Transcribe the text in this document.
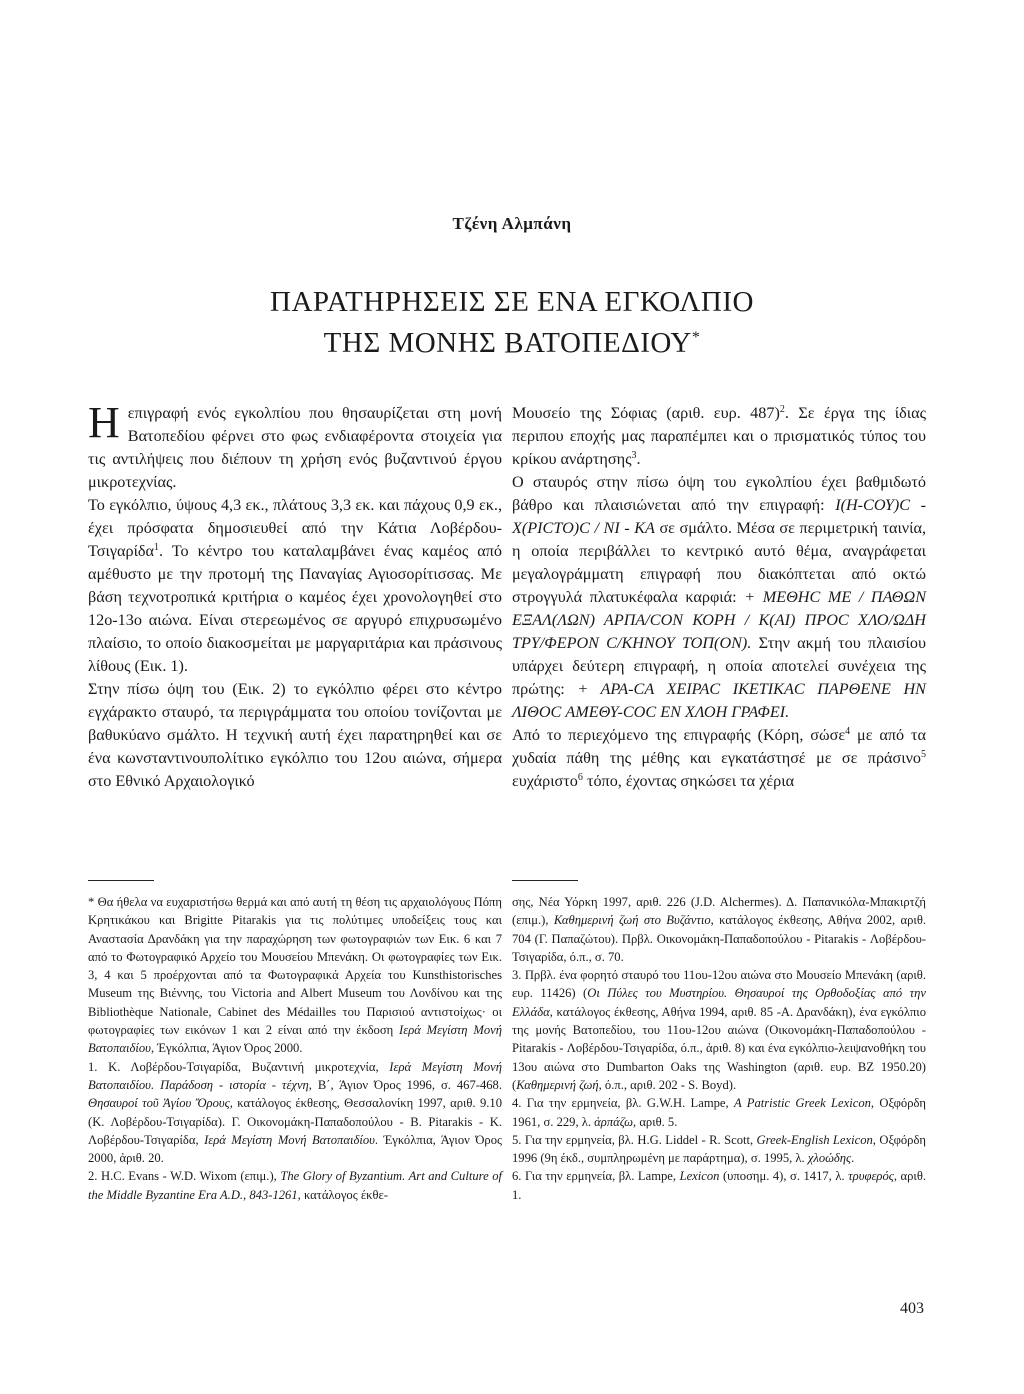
Τζένη Αλμπάνη
ΠΑΡΑΤΗΡΗΣΕΙΣ ΣΕ ΕΝΑ ΕΓΚΟΛΠΙΟ
ΤΗΣ ΜΟΝΗΣ ΒΑΤΟΠΕΔΙΟΥ*

Ηεπιγραφή ενός εγκολπίου που θησαυρίζεται στη μονή Βατοπεδίου φέρνει στο φως ενδιαφέροντα στοιχεία για τις αντιλήψεις που διέπουν τη χρήση ενός βυζαντινού έργου μικροτεχνίας.

Το εγκόλπιο, ύψους 4,3 εκ., πλάτους 3,3 εκ. και πάχους 0,9 εκ., έχει πρόσφατα δημοσιευθεί από την Κάτια Λοβέρδου-Τσιγαρίδα$^1$. Το κέντρο του καταλαμβάνει ένας καμέος από αμέθυστο με την προτομή της Παναγίας Αγιοσορίτισσας. Με βάση τεχνοτροπικά κριτήρια ο καμέος έχει χρονολογηθεί στο 12ο-13ο αιώνα. Είναι στερεωμένος σε αργυρό επιχρυσωμένο πλαίσιο, το οποίο διακοσμείται με μαργαριτάρια και πράσινους λίθους (Εικ. 1).

Στην πίσω όψη του (Εικ. 2) το εγκόλπιο φέρει στο κέντρο εγχάρακτο σταυρό, τα περιγράμματα του οποίου τονίζονται με βαθυκύανο σμάλτο. Η τεχνική αυτή έχει παρατηρηθεί και σε ένα κωνσταντινουπολίτικο εγκόλπιο του 12ου αιώνα, σήμερα στο Εθνικό Αρχαιολογικό

Μουσείο της Σόφιας (αριθ. ευρ. 487)$^2$. Σε έργα της ίδιας περιπου εποχής μας παραπέμπει και ο πρισματικός τύπος του κρίκου ανάρτησης$^3$.

Ο σταυρός στην πίσω όψη του εγκολπίου έχει βαθμιδωτό βάθρο και πλαισιώνεται από την επιγραφή: Ι(Η-CΟΥ)C - Χ(ΡΙCΤΟ)C / ΝΙ - ΚΑ σε σμάλτο. Μέσα σε περιμετρική ταινία, η οποία περιβάλλει το κεντρικό αυτό θέμα, αναγράφεται μεγαλογράμματη επιγραφή που διακόπτεται από οκτώ στρογγυλά πλατυκέφαλα καρφιά: + ΜΕΘΗC ΜΕ / ΠΑΘΩΝ ΕΞΑΛ(ΛΩΝ) ΑΡΠΑ/CΟΝ ΚΟΡΗ / Κ(ΑΙ) ΠΡΟC ΧΛΟ/ΩΔΗ ΤΡΥ/ΦΕΡΟΝ C/ΚΗΝΟΥ ΤΟΠ(ΟΝ). Στην ακμή του πλαισίου υπάρχει δεύτερη επιγραφή, η οποία αποτελεί συνέχεια της πρώτης: + ΑΡΑ-CΑ ΧΕΙΡΑC ΙΚΕΤΙΚΑC ΠΑΡΘΕΝΕ ΗΝ ΛΙΘΟC ΑΜΕΘΥ-COC ΕΝ ΧΛΟΗ ΓΡΑΦΕΙ.

Από το περιεχόμενο της επιγραφής (Κόρη, σώσε$^4$ με από τα χυδαία πάθη της μέθης και εγκατάστησέ με σε πράσινο$^5$ ευχάριστο$^6$ τόπο, έχοντας σηκώσει τα χέρια

* Θα ήθελα να ευχαριστήσω θερμά και από αυτή τη θέση τις αρχαιολόγους Πόπη Κρητικάκου και Brigitte Pitarakis για τις πολύτιμες υποδείξεις τους και Αναστασία Δρανδάκη για την παραχώρηση των φωτογραφιών των Εικ. 6 και 7 από το Φωτογραφικό Αρχείο του Μουσείου Μπενάκη. Οι φωτογραφίες των Εικ. 3, 4 και 5 προέρχονται από τα Φωτογραφικά Αρχεία του Kunsthistorisches Museum της Βιέννης, του Victoria and Albert Museum του Λονδίνου και της Bibliothèque Nationale, Cabinet des Médailles του Παρισιού αντιστοίχως· οι φωτογραφίες των εικόνων 1 και 2 είναι από την έκδοση Ιερά Μεγίστη Μονή Βατοπαιδίου, Έγκόλπια, Άγιον Όρος 2000.

1. Κ. Λοβέρδου-Τσιγαρίδα, Βυζαντινή μικροτεχνία, Ιερά Μεγίστη Μονή Βατοπαιδίου. Παράδοση - ιστορία - τέχνη, Β΄, Άγιον Όρος 1996, σ. 467-468. Θησαυροί τοῦ Ἁγίου Ὄρους, κατάλογος έκθεσης, Θεσσαλονίκη 1997, αριθ. 9.10 (Κ. Λοβέρδου-Τσιγαρίδα). Γ. Οικονομάκη-Παπαδοπούλου - Β. Pitarakis - Κ. Λοβέρδου-Τσιγαρίδα, Ιερά Μεγίστη Μονή Βατοπαιδίου. Έγκόλπια, Άγιον Όρος 2000, ἀριθ. 20.

2. H.C. Evans - W.D. Wixom (επιμ.), The Glory of Byzantium. Art and Culture of the Middle Byzantine Era A.D., 843-1261, κατάλογος έκθε-

σης, Νέα Υόρκη 1997, αριθ. 226 (J.D. Alchermes). Δ. Παπανικόλα-Μπακιρτζή (επιμ.), Καθημερινή ζωή στο Βυζάντιο, κατάλογος έκθεσης, Αθήνα 2002, αριθ. 704 (Γ. Παπαζώτου). Πρβλ. Οικονομάκη-Παπαδοπούλου - Pitarakis - Λοβέρδου-Τσιγαρίδα, ό.π., σ. 70.

3. Πρβλ. ένα φορητό σταυρό του 11ου-12ου αιώνα στο Μουσείο Μπενάκη (αριθ. ευρ. 11426) (Οι Πύλες του Μυστηρίου. Θησαυροί της Ορθοδοξίας από την Ελλάδα, κατάλογος έκθεσης, Αθήνα 1994, αριθ. 85 -Α. Δρανδάκη), ένα εγκόλπιο της μονής Βατοπεδίου, του 11ου-12ου αιώνα (Οικονομάκη-Παπαδοπούλου - Pitarakis - Λοβέρδου-Τσιγαρίδα, ό.π., ἀριθ. 8) και ένα εγκόλπιο-λειψανοθήκη του 13ου αιώνα στο Dumbarton Oaks της Washington (αριθ. ευρ. BZ 1950.20) (Καθημερινή ζωή, ό.π., αριθ. 202 - S. Boyd).

4. Για την ερμηνεία, βλ. G.W.H. Lampe, A Patristic Greek Lexicon, Οξφόρδη 1961, σ. 229, λ. ἁρπάζω, αριθ. 5.

5. Για την ερμηνεία, βλ. H.G. Liddel - R. Scott, Greek-English Lexicon, Οξφόρδη 1996 (9η έκδ., συμπληρωμένη με παράρτημα), σ. 1995, λ. χλοώδης.

6. Για την ερμηνεία, βλ. Lampe, Lexicon (υποσημ. 4), σ. 1417, λ. τρυφερός, αριθ. 1.

403
